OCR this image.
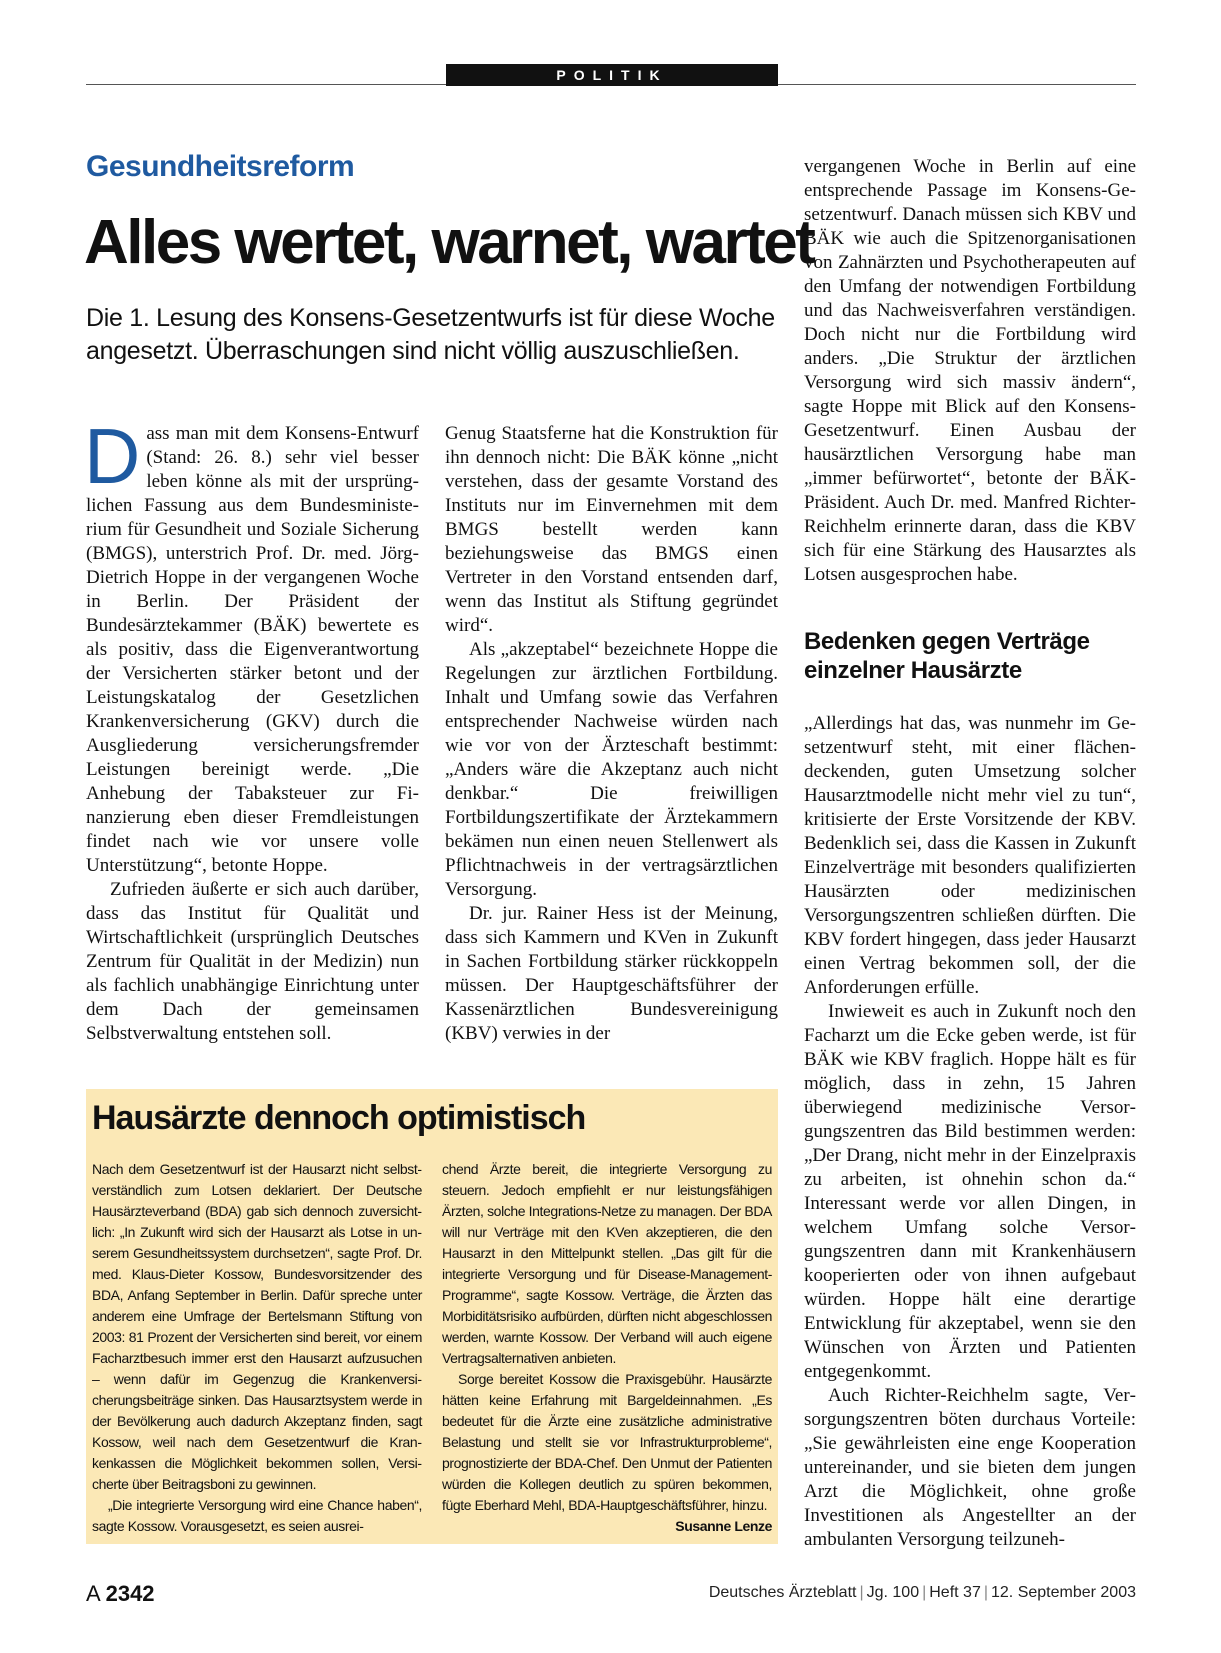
POLITIK
Gesundheitsreform
Alles wertet, warnet, wartet
Die 1. Lesung des Konsens-Gesetzentwurfs ist für diese Woche angesetzt. Überraschungen sind nicht völlig auszuschließen.

Dass man mit dem Konsens-Entwurf (Stand: 26. 8.) sehr viel besser leben könne als mit der ursprünglichen Fassung aus dem Bundesministerium für Gesundheit und Soziale Sicherung (BMGS), unterstrich Prof. Dr. med. Jörg-Dietrich Hoppe in der vergangenen Woche in Berlin. Der Präsident der Bundesärztekammer (BÄK) bewertete es als positiv, dass die Eigenverantwortung der Versicherten stärker betont und der Leistungskatalog der Gesetzlichen Krankenversicherung (GKV) durch die Ausgliederung versicherungsfremder Leistungen bereinigt werde. „Die Anhebung der Tabaksteuer zur Finanzierung eben dieser Fremdleistungen findet nach wie vor unsere volle Unterstützung“, betonte Hoppe.

Zufrieden äußerte er sich auch darüber, dass das Institut für Qualität und Wirtschaftlichkeit (ursprünglich Deutsches Zentrum für Qualität in der Medizin) nun als fachlich unabhängige Einrichtung unter dem Dach der gemeinsamen Selbstverwaltung entstehen soll.

Genug Staatsferne hat die Konstruktion für ihn dennoch nicht: Die BÄK könne „nicht verstehen, dass der gesamte Vorstand des Instituts nur im Einvernehmen mit dem BMGS bestellt werden kann beziehungsweise das BMGS einen Vertreter in den Vorstand entsenden darf, wenn das Institut als Stiftung gegründet wird“.

Als „akzeptabel“ bezeichnete Hoppe die Regelungen zur ärztlichen Fortbildung. Inhalt und Umfang sowie das Verfahren entsprechender Nachweise würden nach wie vor von der Ärzteschaft bestimmt: „Anders wäre die Akzeptanz auch nicht denkbar.“ Die freiwilligen Fortbildungszertifikate der Ärztekammern bekämen nun einen neuen Stellenwert als Pflichtnachweis in der vertragsärztlichen Versorgung.

Dr. jur. Rainer Hess ist der Meinung, dass sich Kammern und KVen in Zukunft in Sachen Fortbildung stärker rückkoppeln müssen. Der Hauptgeschäftsführer der Kassenärztlichen Bundesvereinigung (KBV) verwies in der

vergangenen Woche in Berlin auf eine entsprechende Passage im Konsens-Gesetzentwurf. Danach müssen sich KBV und BÄK wie auch die Spitzenorganisationen von Zahnärzten und Psychotherapeuten auf den Umfang der notwendigen Fortbildung und das Nachweisverfahren verständigen. Doch nicht nur die Fortbildung wird anders. „Die Struktur der ärztlichen Versorgung wird sich massiv ändern“, sagte Hoppe mit Blick auf den Konsens-Gesetzentwurf. Einen Ausbau der hausärztlichen Versorgung habe man „immer befürwortet“, betonte der BÄK-Präsident. Auch Dr. med. Manfred Richter-Reichhelm erinnerte daran, dass die KBV sich für eine Stärkung des Hausarztes als Lotsen ausgesprochen habe.

Bedenken gegen Verträge einzelner Hausärzte

„Allerdings hat das, was nunmehr im Gesetzentwurf steht, mit einer flächendeckenden, guten Umsetzung solcher Hausarztmodelle nicht mehr viel zu tun“, kritisierte der Erste Vorsitzende der KBV. Bedenklich sei, dass die Kassen in Zukunft Einzelverträge mit besonders qualifizierten Hausärzten oder medizinischen Versorgungszentren schließen dürften. Die KBV fordert hingegen, dass jeder Hausarzt einen Vertrag bekommen soll, der die Anforderungen erfülle.

Inwieweit es auch in Zukunft noch den Facharzt um die Ecke geben werde, ist für BÄK wie KBV fraglich. Hoppe hält es für möglich, dass in zehn, 15 Jahren überwiegend medizinische Versorgungszentren das Bild bestimmen werden: „Der Drang, nicht mehr in der Einzelpraxis zu arbeiten, ist ohnehin schon da.“ Interessant werde vor allen Dingen, in welchem Umfang solche Versorgungszentren dann mit Krankenhäusern kooperierten oder von ihnen aufgebaut würden. Hoppe hält eine derartige Entwicklung für akzeptabel, wenn sie den Wünschen von Ärzten und Patienten entgegenkommt.

Auch Richter-Reichhelm sagte, Versorgungszentren böten durchaus Vorteile: „Sie gewährleisten eine enge Kooperation untereinander, und sie bieten dem jungen Arzt die Möglichkeit, ohne große Investitionen als Angestellter an der ambulanten Versorgung teilzuneh-

Hausärzte dennoch optimistisch

Nach dem Gesetzentwurf ist der Hausarzt nicht selbstverständlich zum Lotsen deklariert. Der Deutsche Hausärzteverband (BDA) gab sich dennoch zuversichtlich: „In Zukunft wird sich der Hausarzt als Lotse in unserem Gesundheitssystem durchsetzen“, sagte Prof. Dr. med. Klaus-Dieter Kossow, Bundesvorsitzender des BDA, Anfang September in Berlin. Dafür spreche unter anderem eine Umfrage der Bertelsmann Stiftung von 2003: 81 Prozent der Versicherten sind bereit, vor einem Facharztbesuch immer erst den Hausarzt aufzusuchen – wenn dafür im Gegenzug die Krankenversicherungsbeiträge sinken. Das Hausarztsystem werde in der Bevölkerung auch dadurch Akzeptanz finden, sagt Kossow, weil nach dem Gesetzentwurf die Krankenkassen die Möglichkeit bekommen sollen, Versicherte über Beitragsboni zu gewinnen.

„Die integrierte Versorgung wird eine Chance haben“, sagte Kossow. Vorausgesetzt, es seien ausrei-

chend Ärzte bereit, die integrierte Versorgung zu steuern. Jedoch empfiehlt er nur leistungsfähigen Ärzten, solche Integrations-Netze zu managen. Der BDA will nur Verträge mit den KVen akzeptieren, die den Hausarzt in den Mittelpunkt stellen. „Das gilt für die integrierte Versorgung und für Disease-Management-Programme“, sagte Kossow. Verträge, die Ärzten das Morbiditätsrisiko aufbürden, dürften nicht abgeschlossen werden, warnte Kossow. Der Verband will auch eigene Vertragsalternativen anbieten.

Sorge bereitet Kossow die Praxisgebühr. Hausärzte hätten keine Erfahrung mit Bargeldeinnahmen. „Es bedeutet für die Ärzte eine zusätzliche administrative Belastung und stellt sie vor Infrastrukturprobleme“, prognostizierte der BDA-Chef. Den Unmut der Patienten würden die Kollegen deutlich zu spüren bekommen, fügte Eberhard Mehl, BDA-Hauptgeschäftsführer, hinzu.
Susanne Lenze

A 2342	Deutsches Ärzteblatt | Jg. 100 | Heft 37 | 12. September 2003
